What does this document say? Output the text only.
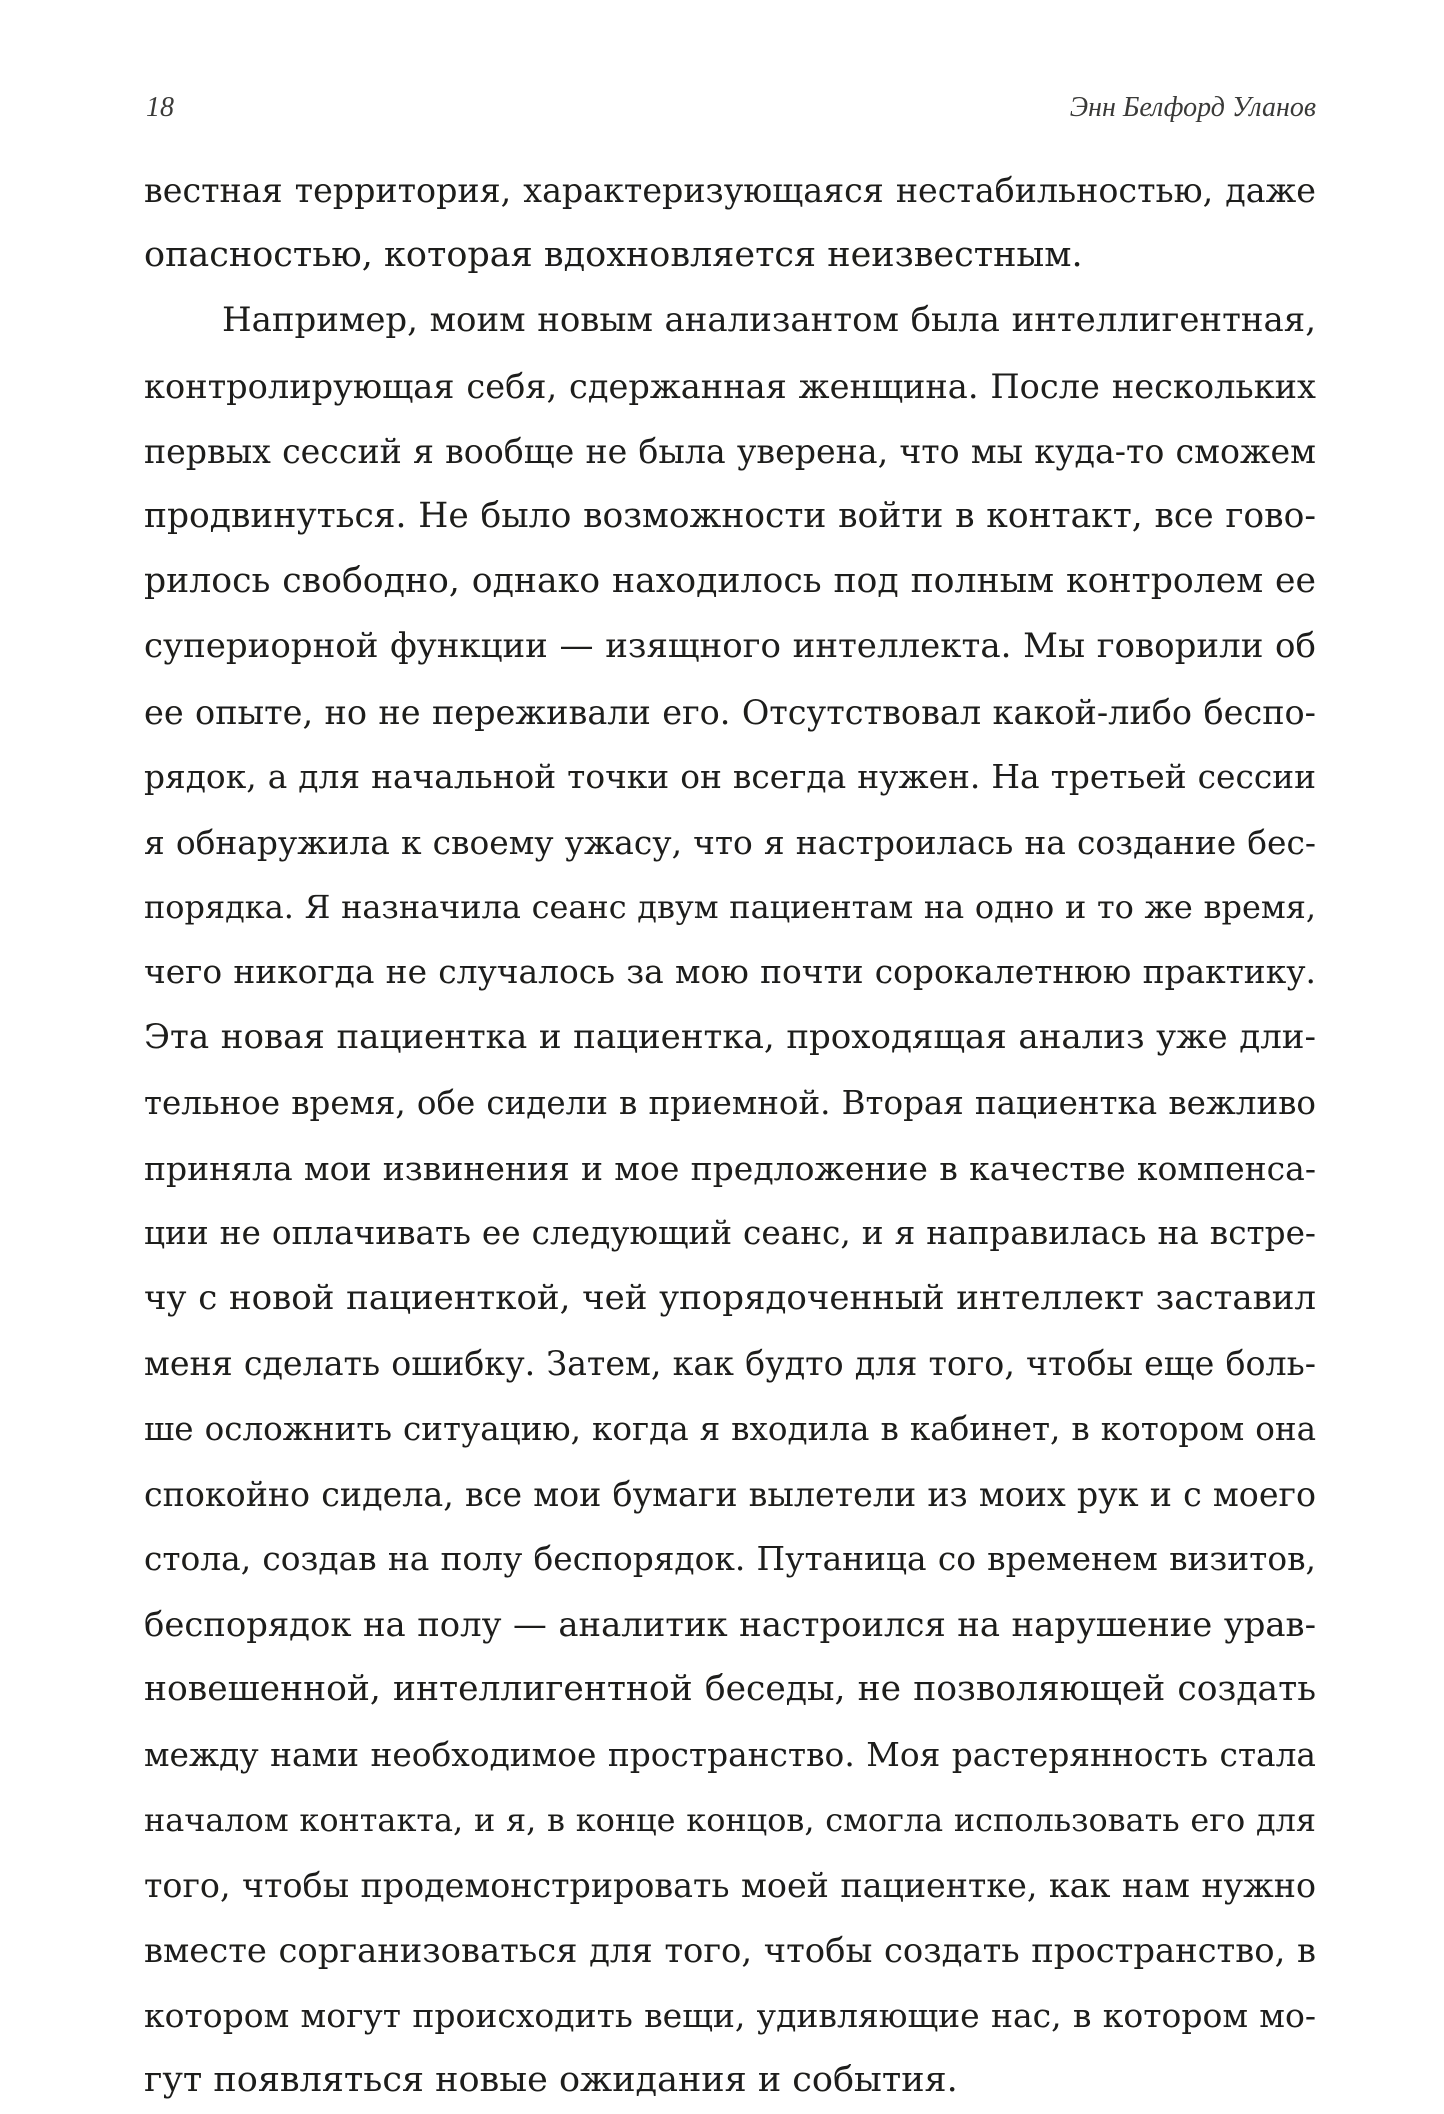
18	Энн Белфорд Уланов
вестная территория, характеризующаяся нестабильностью, даже
опасностью, которая вдохновляется неизвестным.
Например, моим новым анализантом была интеллигентная,
контролирующая себя, сдержанная женщина. После нескольких
первых сессий я вообще не была уверена, что мы куда-то сможем
продвинуться. Не было возможности войти в контакт, все гово-
рилось свободно, однако находилось под полным контролем ее
супериорной функции — изящного интеллекта. Мы говорили об
ее опыте, но не переживали его. Отсутствовал какой-либо беспо-
рядок, а для начальной точки он всегда нужен. На третьей сессии
я обнаружила к своему ужасу, что я настроилась на создание бес-
порядка. Я назначила сеанс двум пациентам на одно и то же время,
чего никогда не случалось за мою почти сорокалетнюю практику.
Эта новая пациентка и пациентка, проходящая анализ уже дли-
тельное время, обе сидели в приемной. Вторая пациентка вежливо
приняла мои извинения и мое предложение в качестве компенса-
ции не оплачивать ее следующий сеанс, и я направилась на встре-
чу с новой пациенткой, чей упорядоченный интеллект заставил
меня сделать ошибку. Затем, как будто для того, чтобы еще боль-
ше осложнить ситуацию, когда я входила в кабинет, в котором она
спокойно сидела, все мои бумаги вылетели из моих рук и с моего
стола, создав на полу беспорядок. Путаница со временем визитов,
беспорядок на полу — аналитик настроился на нарушение урав-
новешенной, интеллигентной беседы, не позволяющей создать
между нами необходимое пространство. Моя растерянность стала
началом контакта, и я, в конце концов, смогла использовать его для
того, чтобы продемонстрировать моей пациентке, как нам нужно
вместе сорганизоваться для того, чтобы создать пространство, в
котором могут происходить вещи, удивляющие нас, в котором мо-
гут появляться новые ожидания и события.
